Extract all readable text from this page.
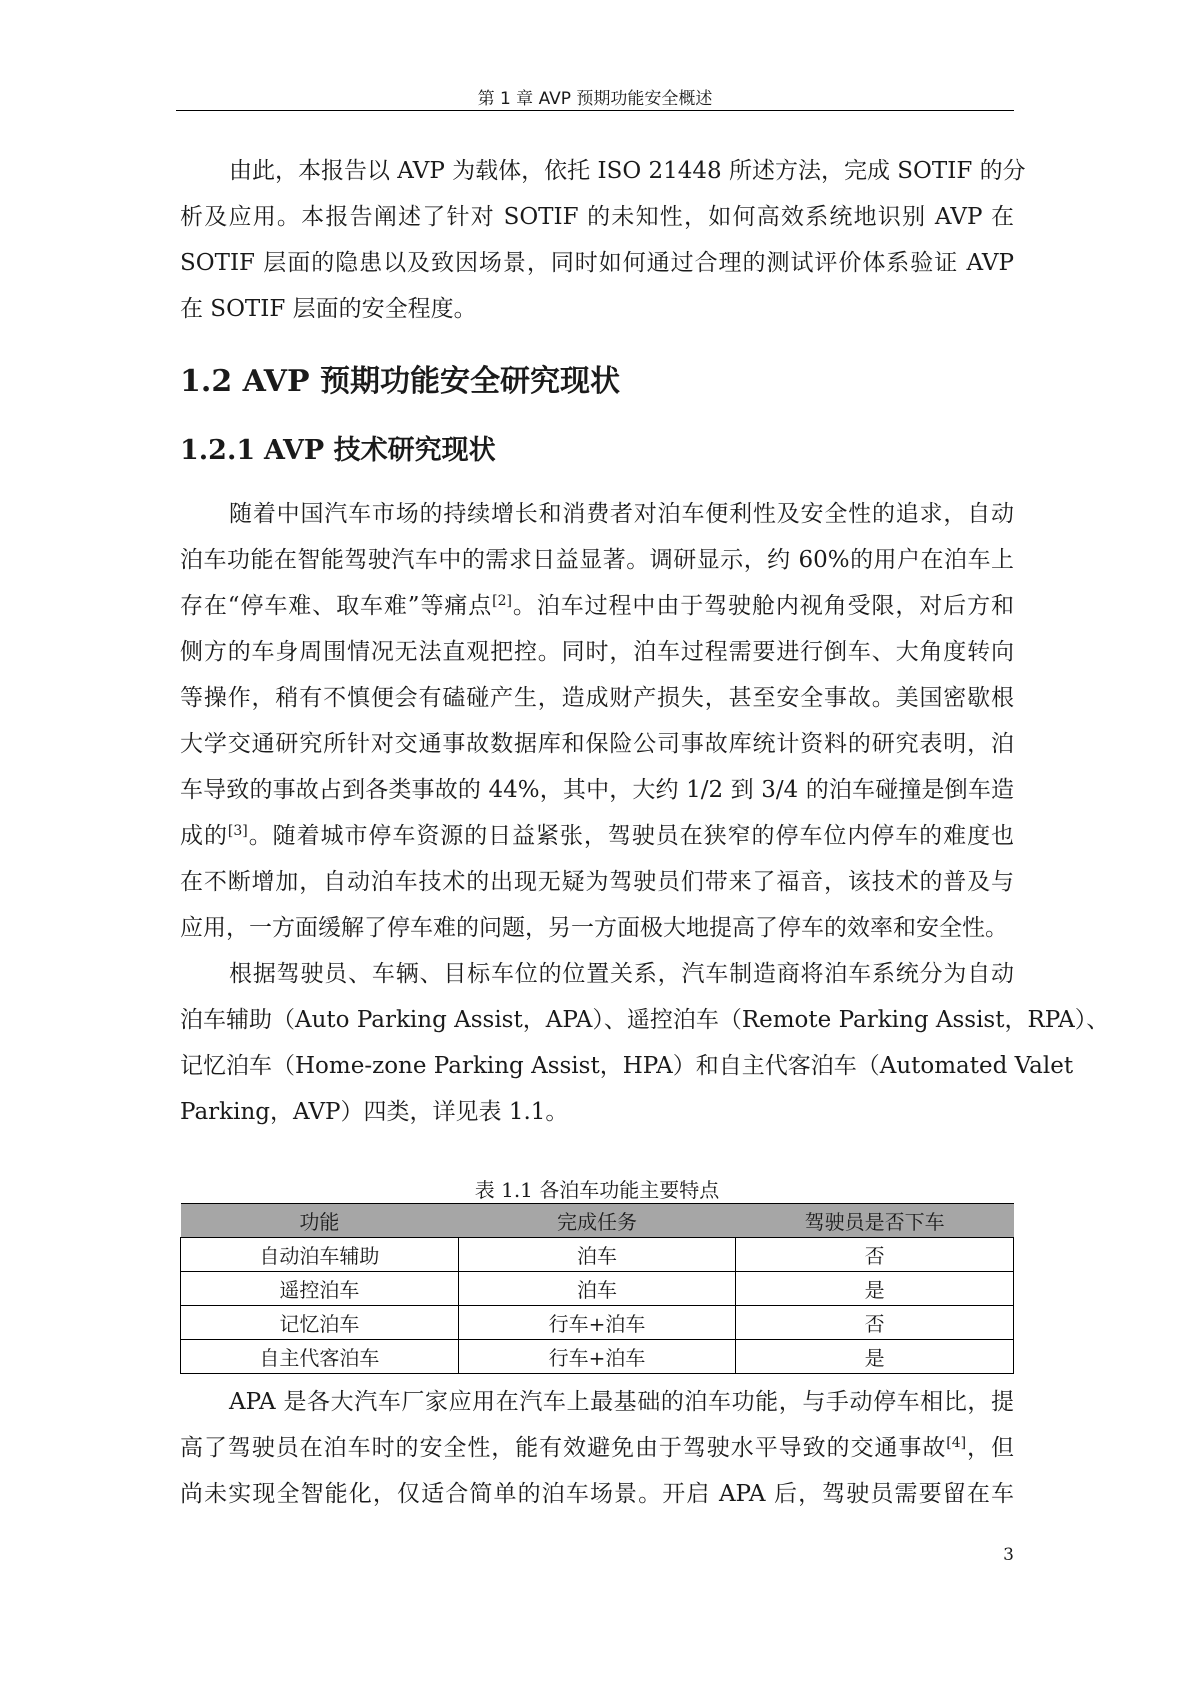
第 1 章 AVP 预期功能安全概述
由此，本报告以 AVP 为载体，依托 ISO 21448 所述方法，完成 SOTIF 的分
析及应用。本报告阐述了针对 SOTIF 的未知性，如何高效系统地识别 AVP 在
SOTIF 层面的隐患以及致因场景，同时如何通过合理的测试评价体系验证 AVP
在 SOTIF 层面的安全程度。
1.2 AVP 预期功能安全研究现状
1.2.1 AVP 技术研究现状
随着中国汽车市场的持续增长和消费者对泊车便利性及安全性的追求，自动
泊车功能在智能驾驶汽车中的需求日益显著。调研显示，约 60%的用户在泊车上
存在“停车难、取车难”等痛点[2]。泊车过程中由于驾驶舱内视角受限，对后方和
侧方的车身周围情况无法直观把控。同时，泊车过程需要进行倒车、大角度转向
等操作，稍有不慎便会有磕碰产生，造成财产损失，甚至安全事故。美国密歇根
大学交通研究所针对交通事故数据库和保险公司事故库统计资料的研究表明，泊
车导致的事故占到各类事故的 44%，其中，大约 1/2 到 3/4 的泊车碰撞是倒车造
成的[3]。随着城市停车资源的日益紧张，驾驶员在狭窄的停车位内停车的难度也
在不断增加，自动泊车技术的出现无疑为驾驶员们带来了福音，该技术的普及与
应用，一方面缓解了停车难的问题，另一方面极大地提高了停车的效率和安全性。
根据驾驶员、车辆、目标车位的位置关系，汽车制造商将泊车系统分为自动
泊车辅助（Auto Parking Assist，APA）、遥控泊车（Remote Parking Assist，RPA）、
记忆泊车（Home-zone Parking Assist，HPA）和自主代客泊车（Automated Valet
Parking，AVP）四类，详见表 1.1。
表 1.1 各泊车功能主要特点
功能	完成任务	驾驶员是否下车
自动泊车辅助	泊车	否
遥控泊车	泊车	是
记忆泊车	行车+泊车	否
自主代客泊车	行车+泊车	是
APA 是各大汽车厂家应用在汽车上最基础的泊车功能，与手动停车相比，提
高了驾驶员在泊车时的安全性，能有效避免由于驾驶水平导致的交通事故[4]，但
尚未实现全智能化，仅适合简单的泊车场景。开启 APA 后，驾驶员需要留在车
3
